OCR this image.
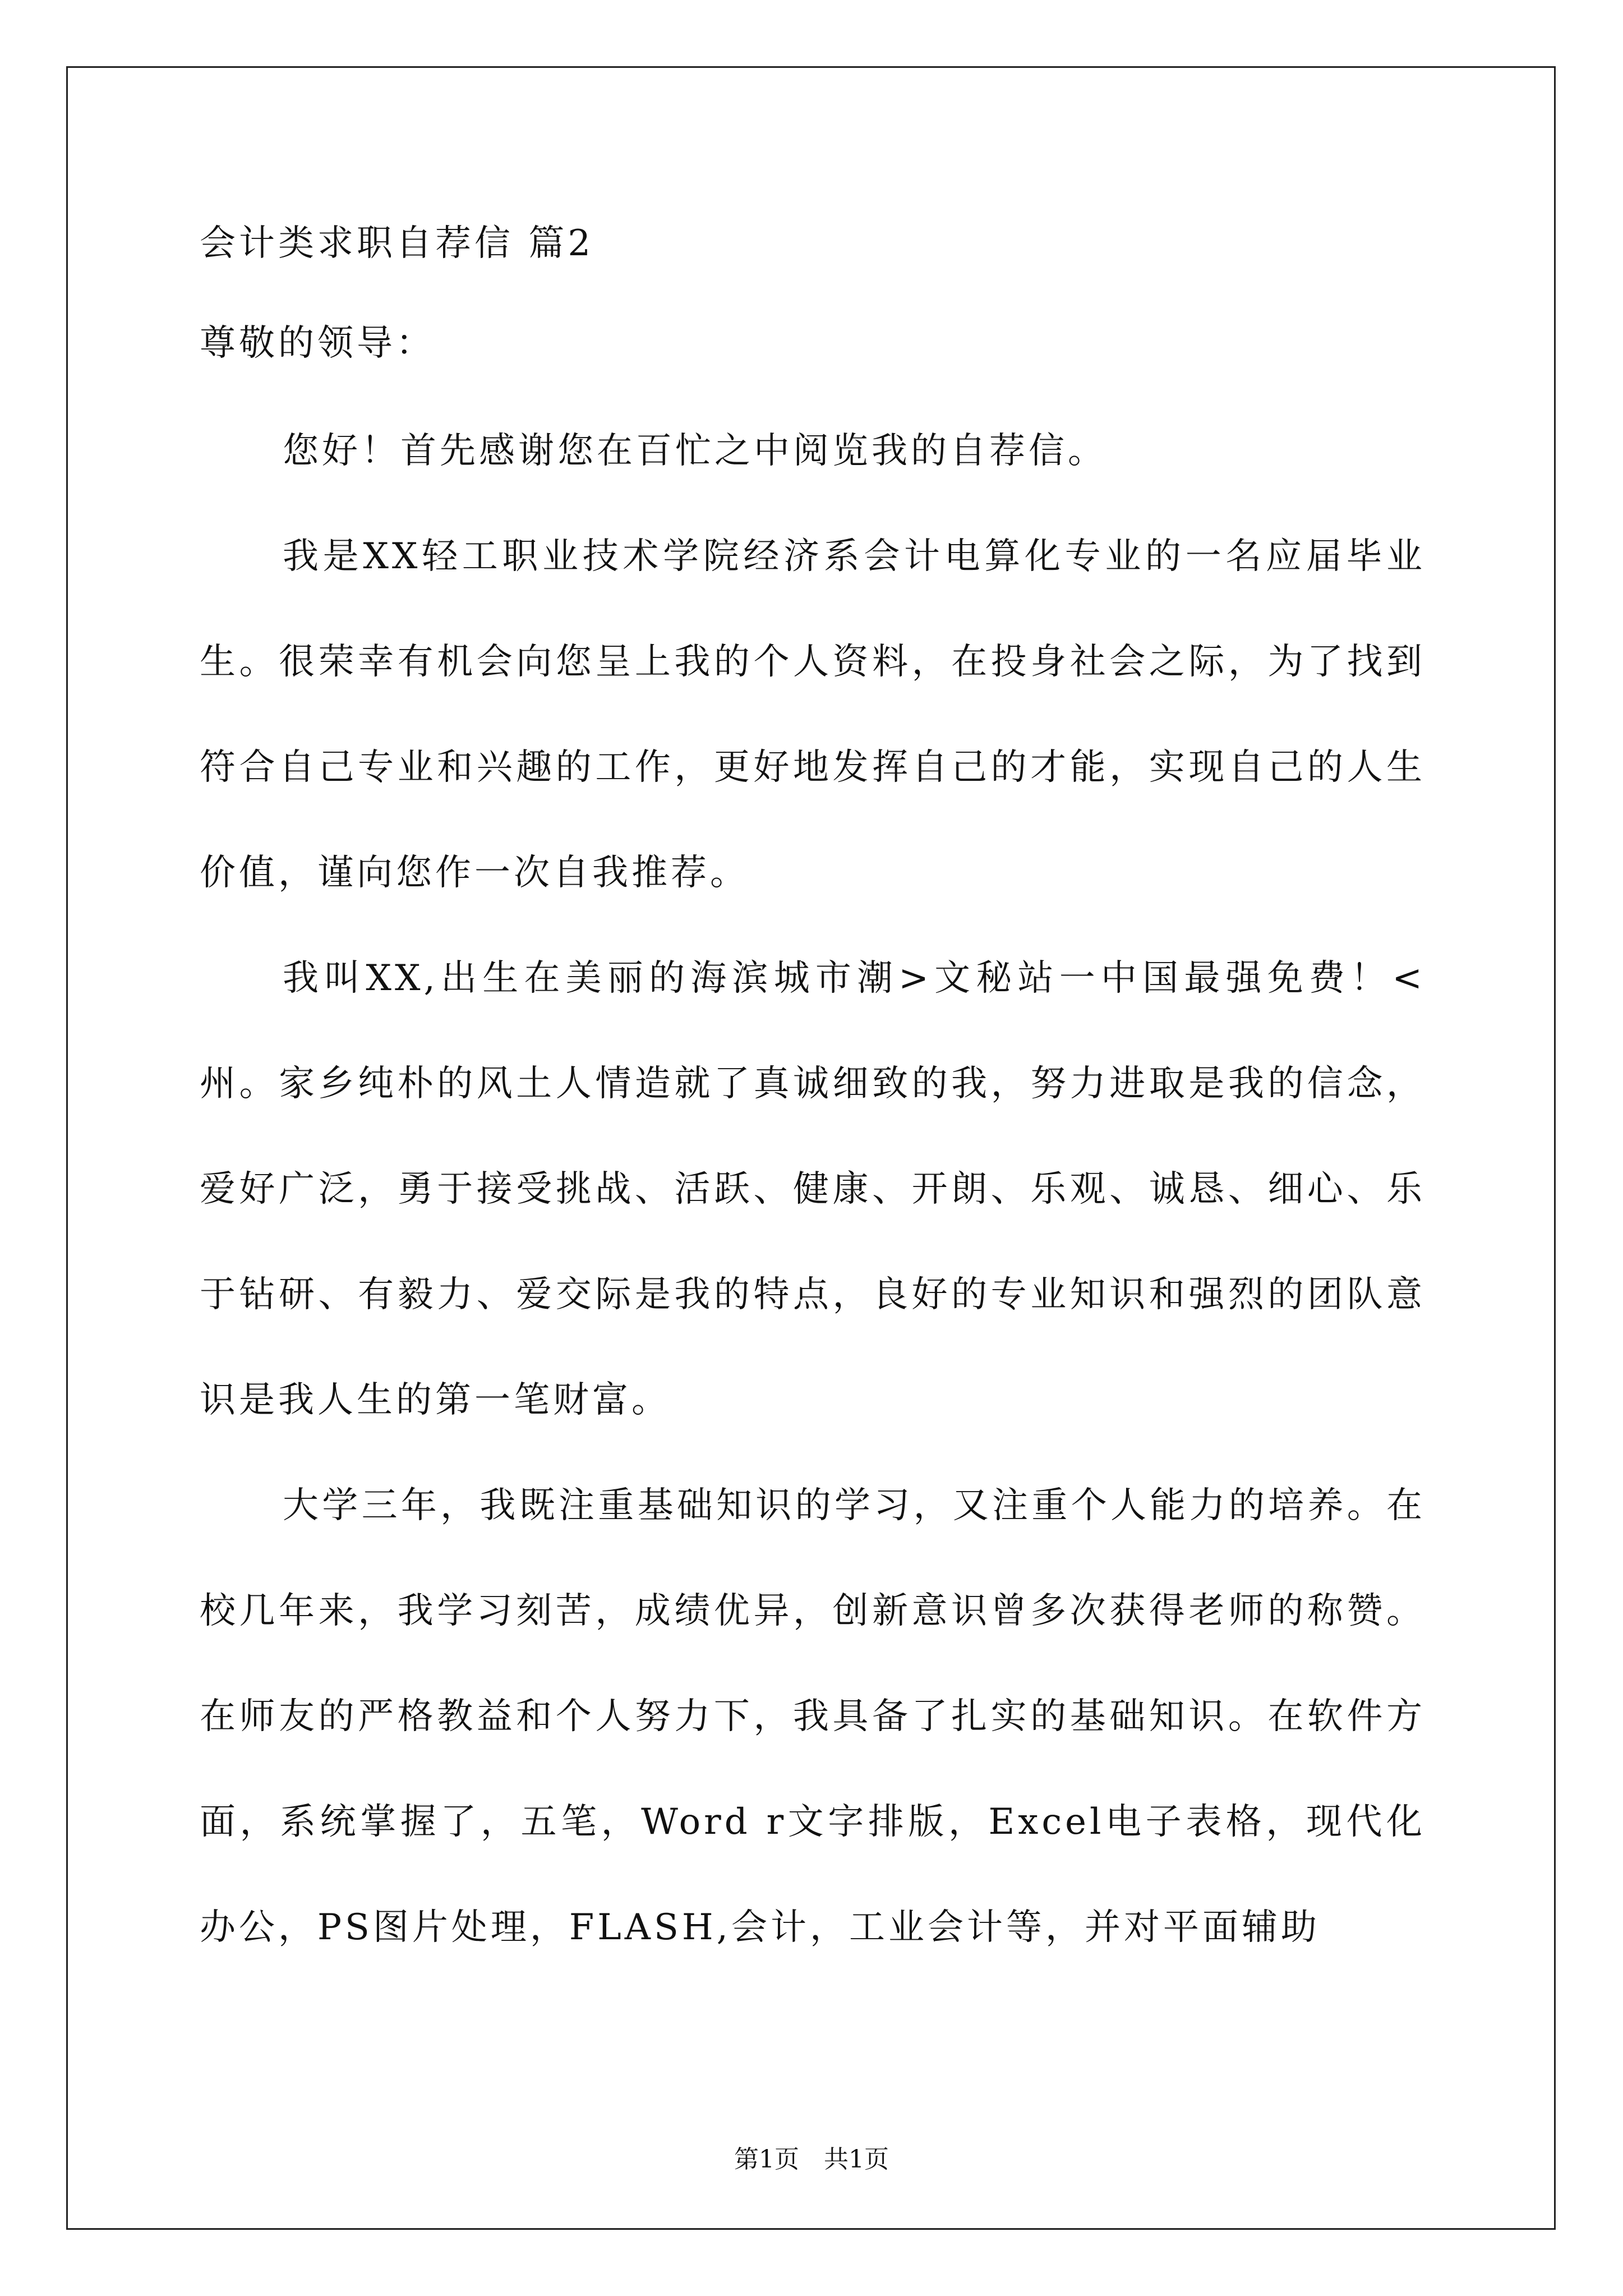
会计类求职自荐信 篇2

尊敬的领导：

您好！首先感谢您在百忙之中阅览我的自荐信。

我是XX轻工职业技术学院经济系会计电算化专业的一名应届毕业生。很荣幸有机会向您呈上我的个人资料，在投身社会之际，为了找到符合自己专业和兴趣的工作，更好地发挥自己的才能，实现自己的人生价值，谨向您作一次自我推荐。

我叫XX,出生在美丽的海滨城市潮>文秘站一中国最强免费！<州。家乡纯朴的风土人情造就了真诚细致的我，努力进取是我的信念，爱好广泛，勇于接受挑战、活跃、健康、开朗、乐观、诚恳、细心、乐于钻研、有毅力、爱交际是我的特点，良好的专业知识和强烈的团队意识是我人生的第一笔财富。

大学三年，我既注重基础知识的学习，又注重个人能力的培养。在校几年来，我学习刻苦，成绩优异，创新意识曾多次获得老师的称赞。在师友的严格教益和个人努力下，我具备了扎实的基础知识。在软件方面，系统掌握了，五笔，Word r文字排版，Excel电子表格，现代化办公，PS图片处理，FLASH,会计，工业会计等，并对平面辅助

第1页　共1页
